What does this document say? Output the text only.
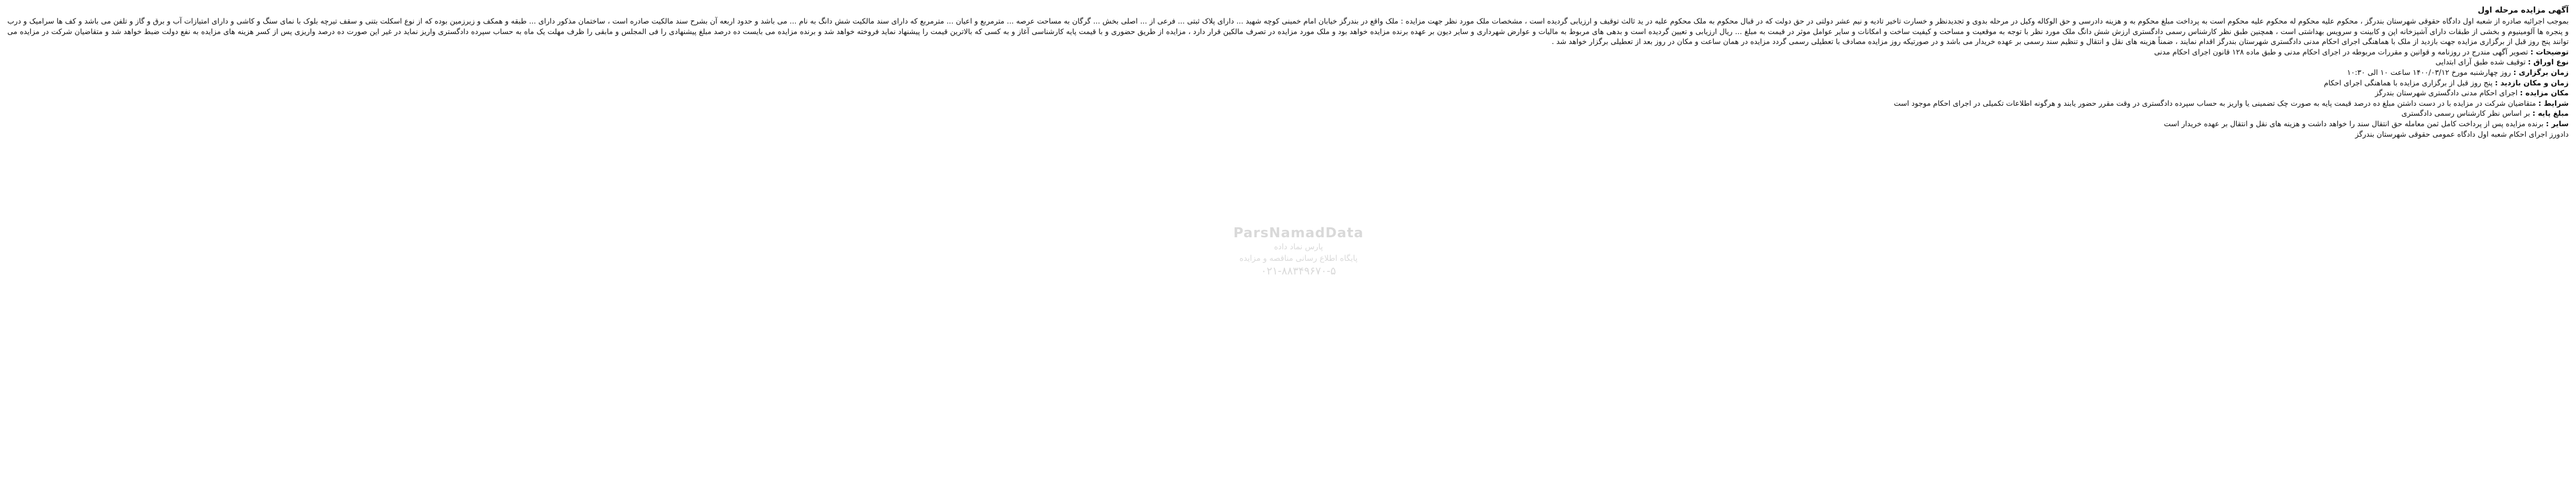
آگهی مزایده مرحله اول

بموجب اجرائیه صادره از شعبه اول دادگاه حقوقی شهرستان بندرگز ، محکوم علیه محکوم له محکوم علیه محکوم است به پرداخت مبلغ محکوم به و هزینه دادرسی و حق الوکاله وکیل در مرحله بدوی و تجدیدنظر و خسارت تاخیر تادیه و نیم عشر دولتی در حق دولت که در قبال محکوم به ملک محکوم علیه در ید ثالث توقیف و ارزیابی گردیده است ، مشخصات ملک مورد نظر جهت مزایده : ملک واقع در بندرگز خیابان امام خمینی کوچه شهید ... دارای پلاک ثبتی ... فرعی از ... اصلی بخش ... گرگان به مساحت عرصه ... مترمربع و اعیان ... مترمربع که دارای سند مالکیت شش دانگ به نام ... می باشد و حدود اربعه آن بشرح سند مالکیت صادره است ، ساختمان مذکور دارای ... طبقه و همکف و زیرزمین بوده که از نوع اسکلت بتنی و سقف تیرچه بلوک با نمای سنگ و کاشی و دارای امتیازات آب و برق و گاز و تلفن می باشد و کف ها سرامیک و درب و پنجره ها آلومینیوم و بخشی از طبقات دارای آشپزخانه اپن و کابینت و سرویس بهداشتی است ، همچنین طبق نظر کارشناس رسمی دادگستری ارزش شش دانگ ملک مورد نظر با توجه به موقعیت و مساحت و کیفیت ساخت و امکانات و سایر عوامل موثر در قیمت به مبلغ ... ریال ارزیابی و تعیین گردیده است و بدهی های مربوط به مالیات و عوارض شهرداری و سایر دیون بر عهده برنده مزایده خواهد بود و ملک مورد مزایده در تصرف مالکین قرار دارد ، مزایده از طریق حضوری و با قیمت پایه کارشناسی آغاز و به کسی که بالاترین قیمت را پیشنهاد نماید فروخته خواهد شد و برنده مزایده می بایست ده درصد مبلغ پیشنهادی را فی المجلس و مابقی را ظرف مهلت یک ماه به حساب سپرده دادگستری واریز نماید در غیر این صورت ده درصد واریزی پس از کسر هزینه های مزایده به نفع دولت ضبط خواهد شد و متقاضیان شرکت در مزایده می توانند پنج روز قبل از برگزاری مزایده جهت بازدید از ملک با هماهنگی اجرای احکام مدنی دادگستری شهرستان بندرگز اقدام نمایند ، ضمناً هزینه های نقل و انتقال و تنظیم سند رسمی بر عهده خریدار می باشد و در صورتیکه روز مزایده مصادف با تعطیلی رسمی گردد مزایده در همان ساعت و مکان در روز بعد از تعطیلی برگزار خواهد شد .

توضیحات : تصویر آگهی مندرج در روزنامه و قوانین و مقررات مربوطه در اجرای احکام مدنی و طبق ماده ۱۲۸ قانون اجرای احکام مدنی
نوع اوراق : توقیف شده طبق آرای ابتدایی
زمان برگزاری : روز چهارشنبه مورخ ۱۴۰۰/۰۳/۱۲ ساعت ۱۰ الی ۱۰:۳۰
زمان و مکان بازدید : پنج روز قبل از برگزاری مزایده با هماهنگی اجرای احکام
مکان مزایده : اجرای احکام مدنی دادگستری شهرستان بندرگز
شرایط : متقاضیان شرکت در مزایده با در دست داشتن مبلغ ده درصد قیمت پایه به صورت چک تضمینی یا واریز به حساب سپرده دادگستری در وقت مقرر حضور یابند و هرگونه اطلاعات تکمیلی در اجرای احکام موجود است
مبلغ پایه : بر اساس نظر کارشناس رسمی دادگستری
سایر : برنده مزایده پس از پرداخت کامل ثمن معامله حق انتقال سند را خواهد داشت و هزینه های نقل و انتقال بر عهده خریدار است
دادورز اجرای احکام شعبه اول دادگاه عمومی حقوقی شهرستان بندرگز
ParsNamadData
پارس نماد داده
پایگاه اطلاع رسانی مناقصه و مزایده
۰۲۱-۸۸۳۴۹۶۷۰-۵
